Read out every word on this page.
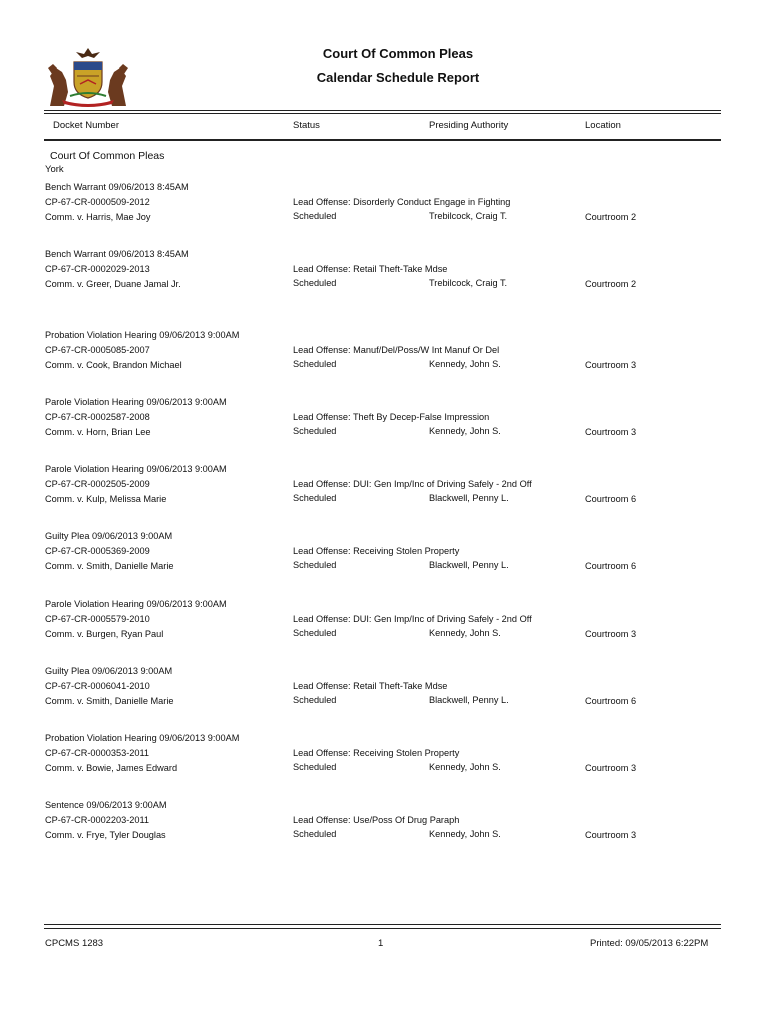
Court Of Common Pleas
Calendar Schedule Report
Docket Number	Status	Presiding Authority	Location
Court Of Common Pleas
York
Bench Warrant 09/06/2013 8:45AM
CP-67-CR-0000509-2012
Comm. v. Harris, Mae Joy
Lead Offense: Disorderly Conduct Engage in Fighting
Scheduled	Trebilcock, Craig T.	Courtroom 2
Bench Warrant 09/06/2013 8:45AM
CP-67-CR-0002029-2013
Comm. v. Greer, Duane Jamal Jr.
Lead Offense: Retail Theft-Take Mdse
Scheduled	Trebilcock, Craig T.	Courtroom 2
Probation Violation Hearing 09/06/2013 9:00AM
CP-67-CR-0005085-2007
Comm. v. Cook, Brandon Michael
Lead Offense: Manuf/Del/Poss/W Int Manuf Or Del
Scheduled	Kennedy, John S.	Courtroom 3
Parole Violation Hearing 09/06/2013 9:00AM
CP-67-CR-0002587-2008
Comm. v. Horn, Brian Lee
Lead Offense: Theft By Decep-False Impression
Scheduled	Kennedy, John S.	Courtroom 3
Parole Violation Hearing 09/06/2013 9:00AM
CP-67-CR-0002505-2009
Comm. v. Kulp, Melissa Marie
Lead Offense: DUI: Gen Imp/Inc of Driving Safely - 2nd Off
Scheduled	Blackwell, Penny L.	Courtroom 6
Guilty Plea 09/06/2013 9:00AM
CP-67-CR-0005369-2009
Comm. v. Smith, Danielle Marie
Lead Offense: Receiving Stolen Property
Scheduled	Blackwell, Penny L.	Courtroom 6
Parole Violation Hearing 09/06/2013 9:00AM
CP-67-CR-0005579-2010
Comm. v. Burgen, Ryan Paul
Lead Offense: DUI: Gen Imp/Inc of Driving Safely - 2nd Off
Scheduled	Kennedy, John S.	Courtroom 3
Guilty Plea 09/06/2013 9:00AM
CP-67-CR-0006041-2010
Comm. v. Smith, Danielle Marie
Lead Offense: Retail Theft-Take Mdse
Scheduled	Blackwell, Penny L.	Courtroom 6
Probation Violation Hearing 09/06/2013 9:00AM
CP-67-CR-0000353-2011
Comm. v. Bowie, James Edward
Lead Offense: Receiving Stolen Property
Scheduled	Kennedy, John S.	Courtroom 3
Sentence 09/06/2013 9:00AM
CP-67-CR-0002203-2011
Comm. v. Frye, Tyler Douglas
Lead Offense: Use/Poss Of Drug Paraph
Scheduled	Kennedy, John S.	Courtroom 3
CPCMS 1283	1	Printed: 09/05/2013 6:22PM
